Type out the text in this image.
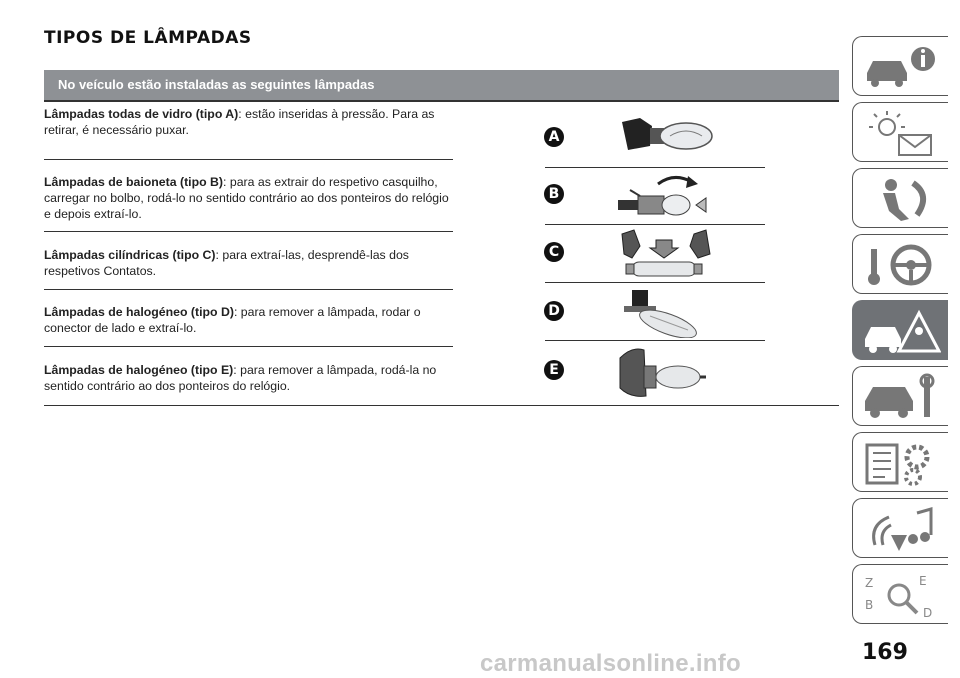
TIPOS DE LÂMPADAS
No veículo estão instaladas as seguintes lâmpadas

Lâmpadas todas de vidro (tipo A): estão inseridas à pressão. Para as retirar, é necessário puxar.

Lâmpadas de baioneta (tipo B): para as extrair do respetivo casquilho, carregar no bolbo, rodá-lo no sentido contrário ao dos ponteiros do relógio e depois extraí-lo.

Lâmpadas cilíndricas (tipo C): para extraí-las, desprendê-las dos respetivos Contatos.

Lâmpadas de halogéneo (tipo D): para remover a lâmpada, rodar o conector de lado e extraí-lo.

Lâmpadas de halogéneo (tipo E): para remover a lâmpada, rodá-la no sentido contrário ao dos ponteiros do relógio.

A
B
C
D
E
Z
B
E
D
169
carmanualsonline.info
